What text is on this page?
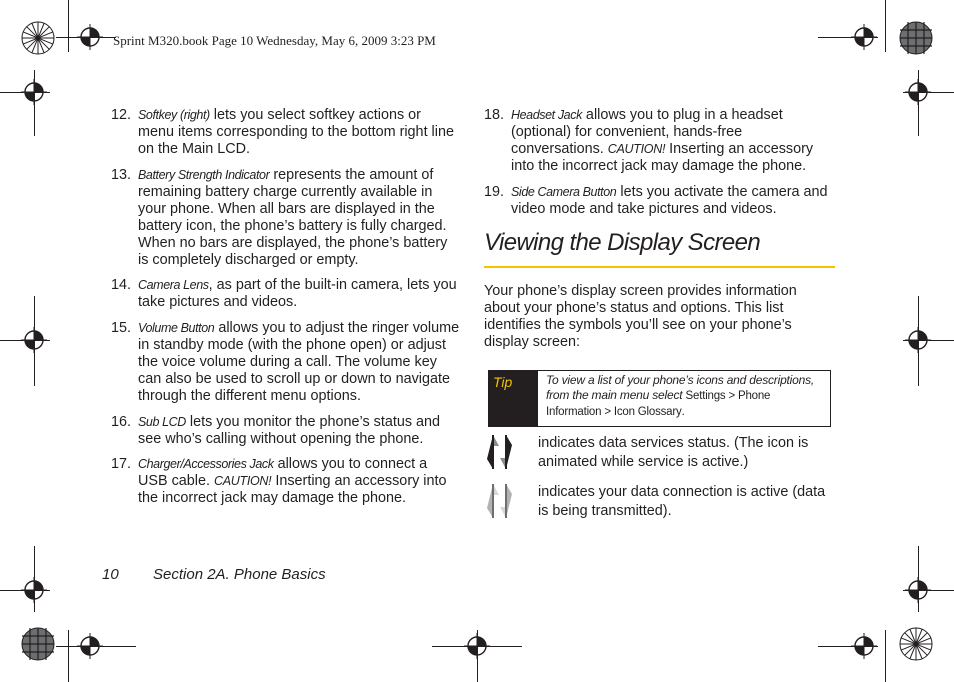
Sprint M320.book Page 10 Wednesday, May 6, 2009 3:23 PM
12. Softkey (right) lets you select softkey actions or menu items corresponding to the bottom right line on the Main LCD.
13. Battery Strength Indicator represents the amount of remaining battery charge currently available in your phone. When all bars are displayed in the battery icon, the phone’s battery is fully charged. When no bars are displayed, the phone’s battery is completely discharged or empty.
14. Camera Lens, as part of the built-in camera, lets you take pictures and videos.
15. Volume Button allows you to adjust the ringer volume in standby mode (with the phone open) or adjust the voice volume during a call. The volume key can also be used to scroll up or down to navigate through the different menu options.
16. Sub LCD lets you monitor the phone’s status and see who’s calling without opening the phone.
17. Charger/Accessories Jack allows you to connect a USB cable. CAUTION! Inserting an accessory into the incorrect jack may damage the phone.
18. Headset Jack allows you to plug in a headset (optional) for convenient, hands-free conversations. CAUTION! Inserting an accessory into the incorrect jack may damage the phone.
19. Side Camera Button lets you activate the camera and video mode and take pictures and videos.
Viewing the Display Screen
Your phone’s display screen provides information about your phone’s status and options. This list identifies the symbols you’ll see on your phone’s display screen:
Tip	To view a list of your phone’s icons and descriptions, from the main menu select Settings > Phone Information > Icon Glossary.
indicates data services status. (The icon is animated while service is active.)
indicates your data connection is active (data is being transmitted).
10 Section 2A. Phone Basics
